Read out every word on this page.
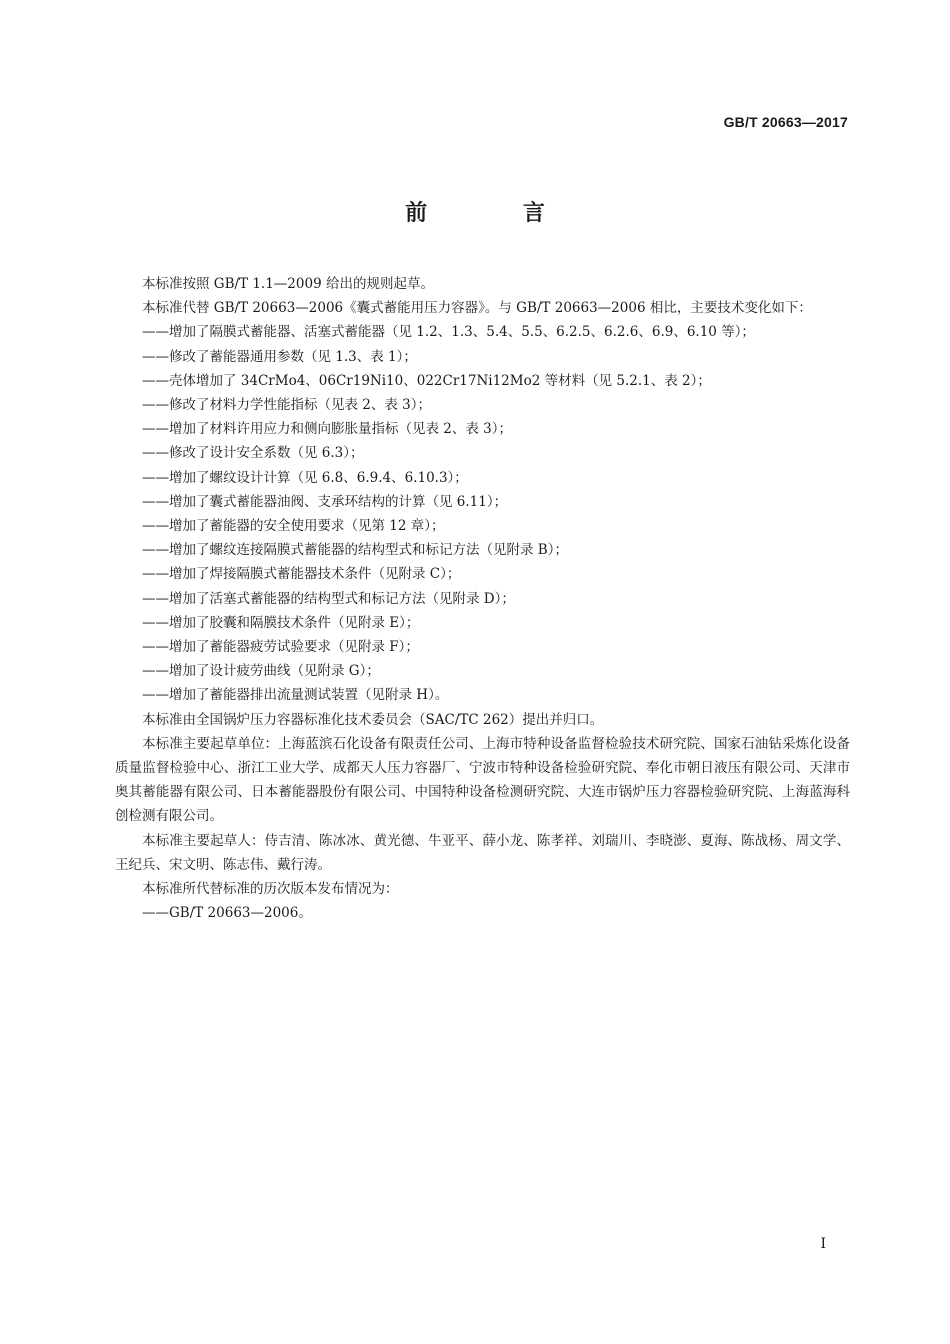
GB/T 20663—2017
前 言

本标准按照 GB/T 1.1—2009 给出的规则起草。

本标准代替 GB/T 20663—2006《囊式蓄能用压力容器》。与 GB/T 20663—2006 相比，主要技术变化如下：

——增加了隔膜式蓄能器、活塞式蓄能器（见 1.2、1.3、5.4、5.5、6.2.5、6.2.6、6.9、6.10 等）；

——修改了蓄能器通用参数（见 1.3、表 1）；

——壳体增加了 34CrMo4、06Cr19Ni10、022Cr17Ni12Mo2 等材料（见 5.2.1、表 2）；

——修改了材料力学性能指标（见表 2、表 3）；

——增加了材料许用应力和侧向膨胀量指标（见表 2、表 3）；

——修改了设计安全系数（见 6.3）；

——增加了螺纹设计计算（见 6.8、6.9.4、6.10.3）；

——增加了囊式蓄能器油阀、支承环结构的计算（见 6.11）；

——增加了蓄能器的安全使用要求（见第 12 章）；

——增加了螺纹连接隔膜式蓄能器的结构型式和标记方法（见附录 B）；

——增加了焊接隔膜式蓄能器技术条件（见附录 C）；

——增加了活塞式蓄能器的结构型式和标记方法（见附录 D）；

——增加了胶囊和隔膜技术条件（见附录 E）；

——增加了蓄能器疲劳试验要求（见附录 F）；

——增加了设计疲劳曲线（见附录 G）；

——增加了蓄能器排出流量测试装置（见附录 H）。

本标准由全国锅炉压力容器标准化技术委员会（SAC/TC 262）提出并归口。

本标准主要起草单位：上海蓝滨石化设备有限责任公司、上海市特种设备监督检验技术研究院、国家石油钻采炼化设备质量监督检验中心、浙江工业大学、成都天人压力容器厂、宁波市特种设备检验研究院、奉化市朝日液压有限公司、天津市奥其蓄能器有限公司、日本蓄能器股份有限公司、中国特种设备检测研究院、大连市锅炉压力容器检验研究院、上海蓝海科创检测有限公司。

本标准主要起草人：侍吉清、陈冰冰、黄光德、牛亚平、薛小龙、陈孝祥、刘瑞川、李晓澎、夏海、陈战杨、周文学、王纪兵、宋文明、陈志伟、戴行涛。

本标准所代替标准的历次版本发布情况为：

——GB/T 20663—2006。

I
